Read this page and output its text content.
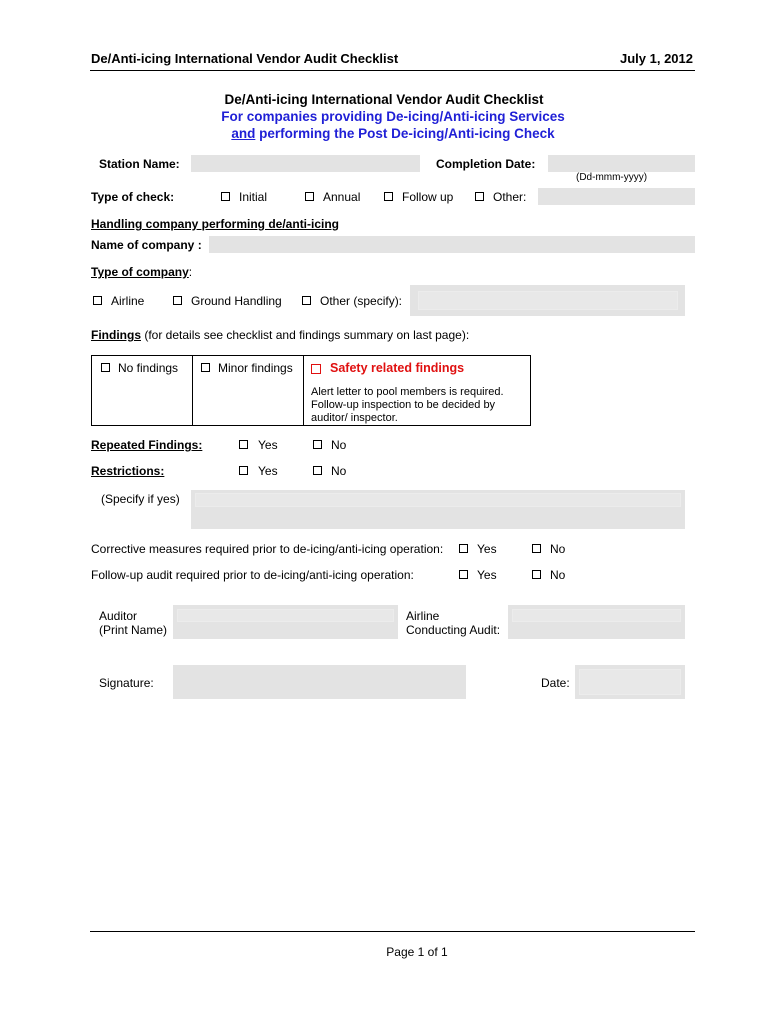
De/Anti-icing International Vendor Audit Checklist	July 1, 2012
De/Anti-icing International Vendor Audit Checklist
For companies providing De-icing/Anti-icing Services
and performing the Post De-icing/Anti-icing Check
Station Name:	Completion Date:
(Dd-mmm-yyyy)
Type of check:	Initial	Annual	Follow up	Other:
Handling company performing de/anti-icing
Name of company :
Type of company:
Airline	Ground Handling	Other (specify):
Findings (for details see checklist and findings summary on last page):
No findings	Minor findings	Safety related findings
Alert letter to pool members is required. Follow-up inspection to be decided by auditor/ inspector.
Repeated Findings:	Yes	No
Restrictions:	Yes	No
(Specify if yes)
Corrective measures required prior to de-icing/anti-icing operation:	Yes	No
Follow-up audit required prior to de-icing/anti-icing operation:	Yes	No
Auditor
(Print Name)
Airline
Conducting Audit:
Signature:	Date:
Page 1 of 1
